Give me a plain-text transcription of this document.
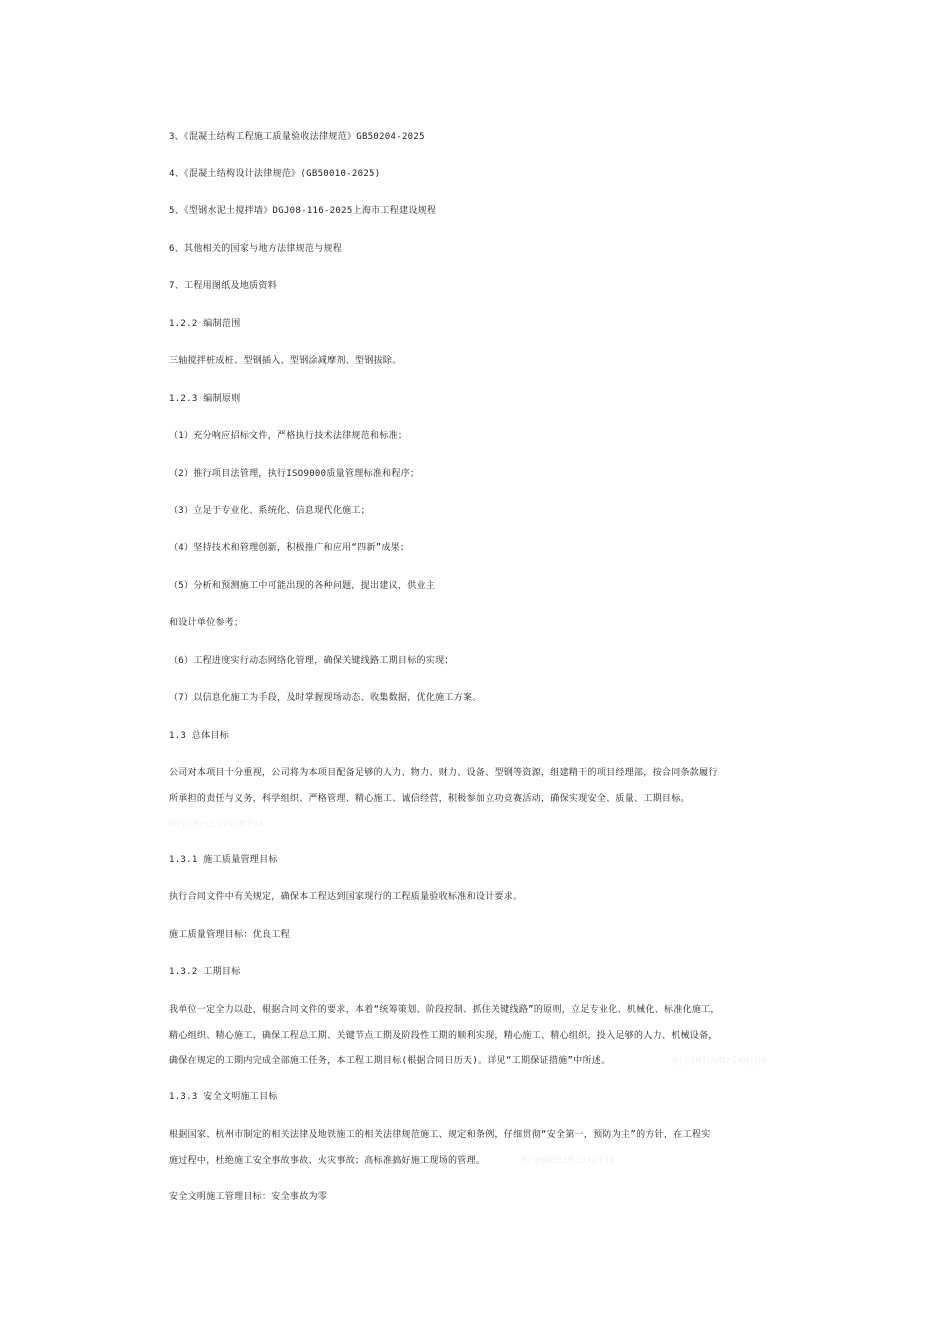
3、《混凝土结构工程施工质量验收法律规范》GB50204-2025

4、《混凝土结构设计法律规范》(GB50010-2025)

5、《型钢水泥土搅拌墙》DGJ08-116-2025上海市工程建设规程

6、其他相关的国家与地方法律规范与规程

7、工程用图纸及地质资料

1.2.2 编制范围

三轴搅拌桩成桩、型钢插入、型钢涂减摩剂、型钢拔除。

1.2.3 编制原则

（1）充分响应招标文件，严格执行技术法律规范和标准；

（2）推行项目法管理，执行ISO9000质量管理标准和程序；

（3）立足于专业化、系统化、信息现代化施工；

（4）坚持技术和管理创新，积极推广和应用“四新”成果；

（5）分析和预测施工中可能出现的各种问题，提出建议，供业主

和设计单位参考；

（6）工程进度实行动态网络化管理，确保关键线路工期目标的实现；

（7）以信息化施工为手段，及时掌握现场动态、收集数据，优化施工方案。

1.3 总体目标

公司对本项目十分重视，公司将为本项目配备足够的人力、物力、财力、设备、型钢等资源，组建精干的项目经理部，按合同条款履行

所承担的责任与义务，科学组织、严格管理、精心施工、诚信经营，积极参加立功竞赛活动，确保实现安全、质量、工期目标。

1.3.1 施工质量管理目标

执行合同文件中有关规定，确保本工程达到国家现行的工程质量验收标准和设计要求。

施工质量管理目标：优良工程

1.3.2 工期目标

我单位一定全力以赴，根据合同文件的要求，本着“统筹策划、阶段控制、抓住关键线路”的原则，立足专业化、机械化、标准化施工，

精心组织、精心施工，确保工程总工期、关键节点工期及阶段性工期的顺利实现，精心施工、精心组织，投入足够的人力、机械设备，

确保在规定的工期内完成全部施工任务，本工程工期目标(根据合同日历天)。详见“工期保证措施”中所述。

1.3.3 安全文明施工目标

根据国家、杭州市制定的相关法律及地铁施工的相关法律规范施工、规定和条例，仔细贯彻“安全第一，预防为主”的方针，在工程实

施过程中，杜绝施工安全事故事故、火灾事故；高标准搞好施工现场的管理。

安全文明施工管理目标：安全事故为零

NDYzMzc5OTkxMTU4
NjQ2NTUwMzIxNjU4
MTg0NDE3MzU4OTY0
